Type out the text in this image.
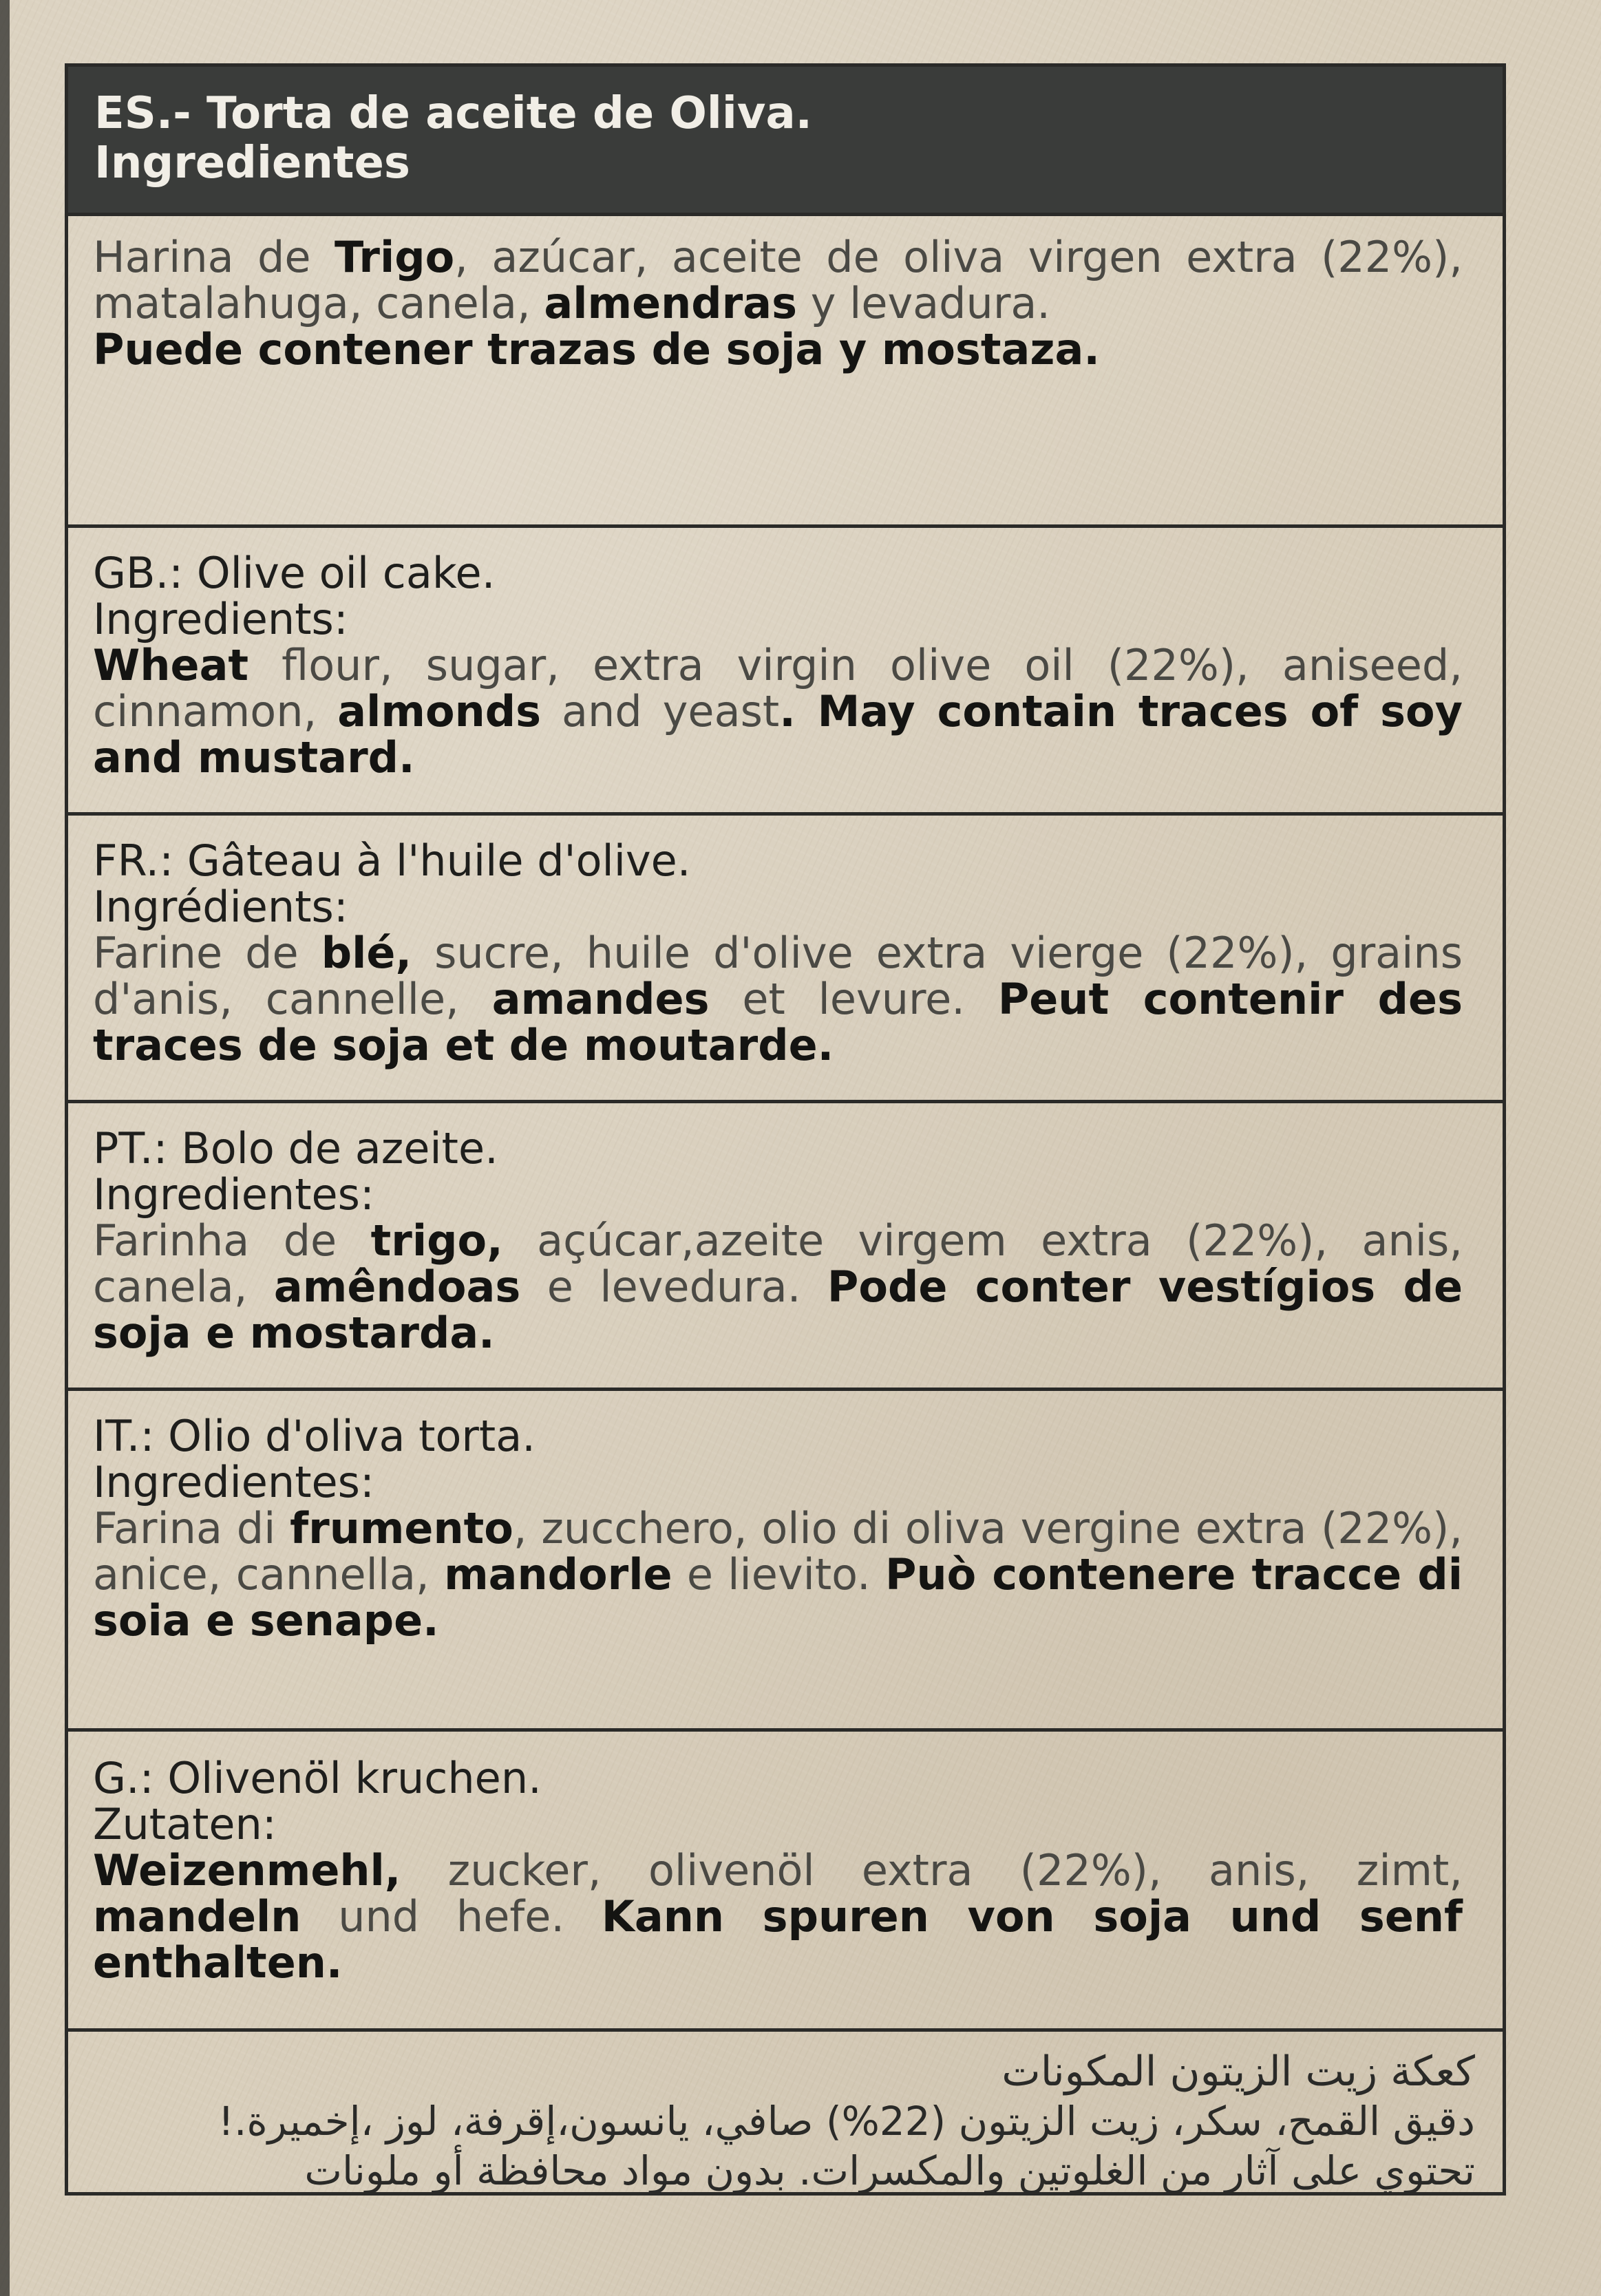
ES.- Torta de aceite de Oliva.
Ingredientes
Harina de Trigo, azúcar, aceite de oliva virgen extra (22%), matalahuga, canela, almendras y levadura.
Puede contener trazas de soja y mostaza.
GB.: Olive oil cake.
Ingredients:
Wheat flour, sugar, extra virgin olive oil (22%), aniseed, cinnamon, almonds and yeast. May contain traces of soy and mustard.
FR.: Gâteau à l'huile d'olive.
Ingrédients:
Farine de blé, sucre, huile d'olive extra vierge (22%), grains d'anis, cannelle, amandes et levure. Peut contenir des traces de soja et de moutarde.
PT.: Bolo de azeite.
Ingredientes:
Farinha de trigo, açúcar,azeite virgem extra (22%), anis, canela, amêndoas e levedura. Pode conter vestígios de soja e mostarda.
IT.: Olio d'oliva torta.
Ingredientes:
Farina di frumento, zucchero, olio di oliva vergine extra (22%), anice, cannella, mandorle e lievito. Può contenere tracce di soia e senape.
G.: Olivenöl kruchen.
Zutaten:
Weizenmehl, zucker, olivenöl extra (22%), anis, zimt, mandeln und hefe. Kann spuren von soja und senf enthalten.
كعكة زيت الزيتون المكونات
دقيق القمح، سكر، زيت الزيتون (22%) صافي، يانسون،إقرفة، لوز ،إخميرة.!
تحتوي على آثار من الغلوتين والمكسرات. بدون مواد محافظة أو ملونات
